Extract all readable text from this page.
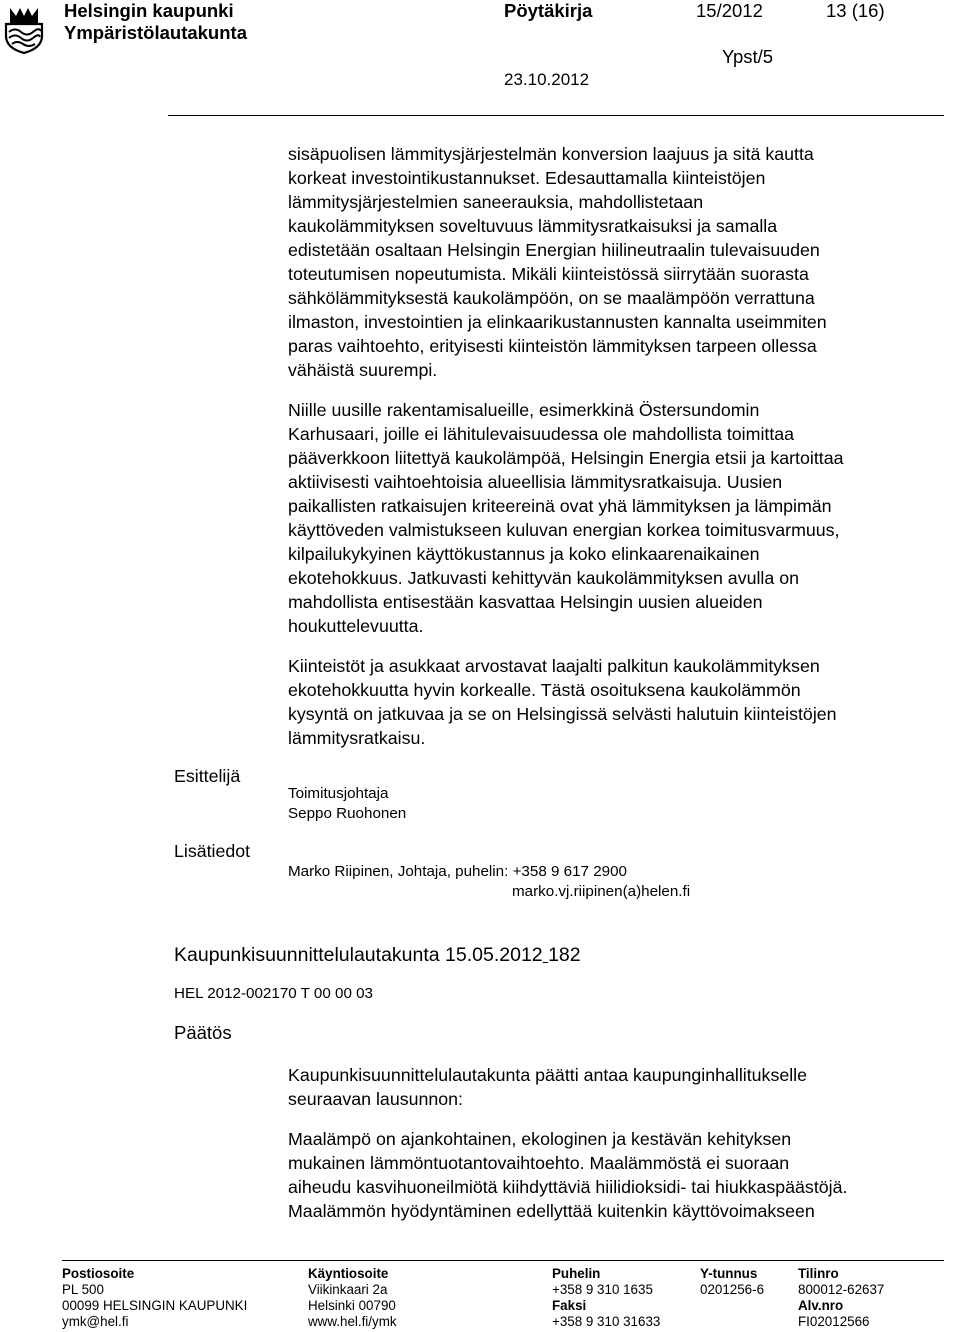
Helsingin kaupunki
Ympäristölautakunta
Pöytäkirja	15/2012	13 (16)
Ypst/5
23.10.2012
sisäpuolisen lämmitysjärjestelmän konversion laajuus ja sitä kautta
korkeat investointikustannukset. Edesauttamalla kiinteistöjen
lämmitysjärjestelmien saneerauksia, mahdollistetaan
kaukolämmityksen soveltuvuus lämmitysratkaisuksi ja samalla
edistetään osaltaan Helsingin Energian hiilineutraalin tulevaisuuden
toteutumisen nopeutumista. Mikäli kiinteistössä siirrytään suorasta
sähkölämmityksestä kaukolämpöön, on se maalämpöön verrattuna
ilmaston, investointien ja elinkaarikustannusten kannalta useimmiten
paras vaihtoehto, erityisesti kiinteistön lämmityksen tarpeen ollessa
vähäistä suurempi.
Niille uusille rakentamisalueille, esimerkkinä Östersundomin
Karhusaari, joille ei lähitulevaisuudessa ole mahdollista toimittaa
pääverkkoon liitettyä kaukolämpöä, Helsingin Energia etsii ja kartoittaa
aktiivisesti vaihtoehtoisia alueellisia lämmitysratkaisuja. Uusien
paikallisten ratkaisujen kriteereinä ovat yhä lämmityksen ja lämpimän
käyttöveden valmistukseen kuluvan energian korkea toimitusvarmuus,
kilpailukykyinen käyttökustannus ja koko elinkaarenaikainen
ekotehokkuus. Jatkuvasti kehittyvän kaukolämmityksen avulla on
mahdollista entisestään kasvattaa Helsingin uusien alueiden
houkuttelevuutta.
Kiinteistöt ja asukkaat arvostavat laajalti palkitun kaukolämmityksen
ekotehokkuutta hyvin korkealle. Tästä osoituksena kaukolämmön
kysyntä on jatkuvaa ja se on Helsingissä selvästi halutuin kiinteistöjen
lämmitysratkaisu.
Esittelijä
Toimitusjohtaja
Seppo Ruohonen
Lisätiedot
Marko Riipinen, Johtaja, puhelin: +358 9 617 2900
marko.vj.riipinen(a)helen.fi
Kaupunkisuunnittelulautakunta 15.05.2012 182
HEL 2012-002170 T 00 00 03
Päätös
Kaupunkisuunnittelulautakunta päätti antaa kaupunginhallitukselle
seuraavan lausunnon:
Maalämpö on ajankohtainen, ekologinen ja kestävän kehityksen
mukainen lämmöntuotantovaihtoehto. Maalämmöstä ei suoraan
aiheudu kasvihuoneilmiötä kiihdyttäviä hiilidioksidi- tai hiukkaspäästöjä.
Maalämmön hyödyntäminen edellyttää kuitenkin käyttövoimakseen
Postiosoite
PL 500
00099 HELSINGIN KAUPUNKI
ymk@hel.fi
Käyntiosoite
Viikinkaari 2a
Helsinki 00790
www.hel.fi/ymk
Puhelin
+358 9 310 1635
Faksi
+358 9 310 31633
Y-tunnus
0201256-6
Tilinro
800012-62637
Alv.nro
FI02012566
